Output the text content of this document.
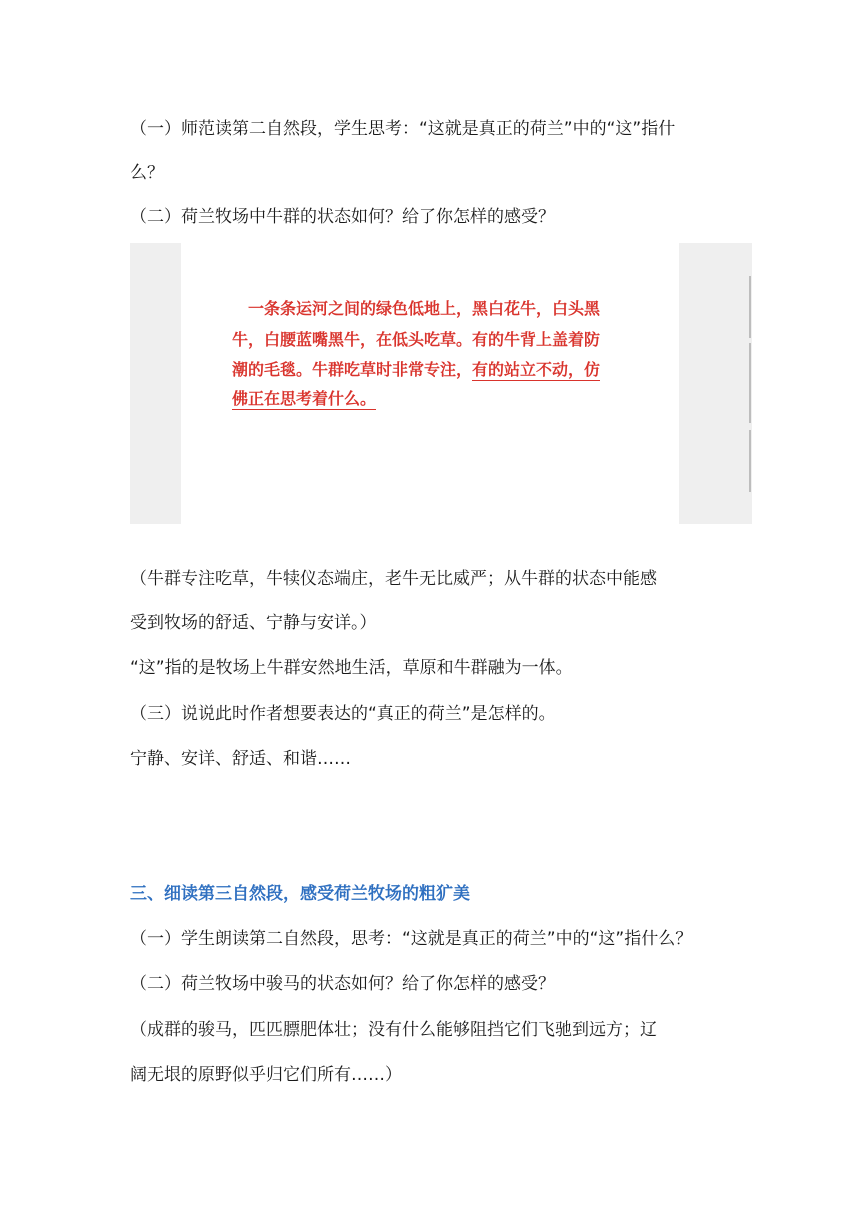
（一）师范读第二自然段，学生思考：“这就是真正的荷兰”中的“这”指什
么？
（二）荷兰牧场中牛群的状态如何？给了你怎样的感受？
　一条条运河之间的绿色低地上，黑白花牛，白头黑
牛，白腰蓝嘴黑牛，在低头吃草。有的牛背上盖着防
潮的毛毯。牛群吃草时非常专注，有的站立不动，仿
佛正在思考着什么。
（牛群专注吃草，牛犊仪态端庄，老牛无比威严；从牛群的状态中能感
受到牧场的舒适、宁静与安详。）
“这”指的是牧场上牛群安然地生活，草原和牛群融为一体。
（三）说说此时作者想要表达的“真正的荷兰”是怎样的。
宁静、安详、舒适、和谐……
三、细读第三自然段，感受荷兰牧场的粗犷美
（一）学生朗读第二自然段，思考：“这就是真正的荷兰”中的“这”指什么？
（二）荷兰牧场中骏马的状态如何？给了你怎样的感受？
（成群的骏马，匹匹膘肥体壮；没有什么能够阻挡它们飞驰到远方；辽
阔无垠的原野似乎归它们所有……）
